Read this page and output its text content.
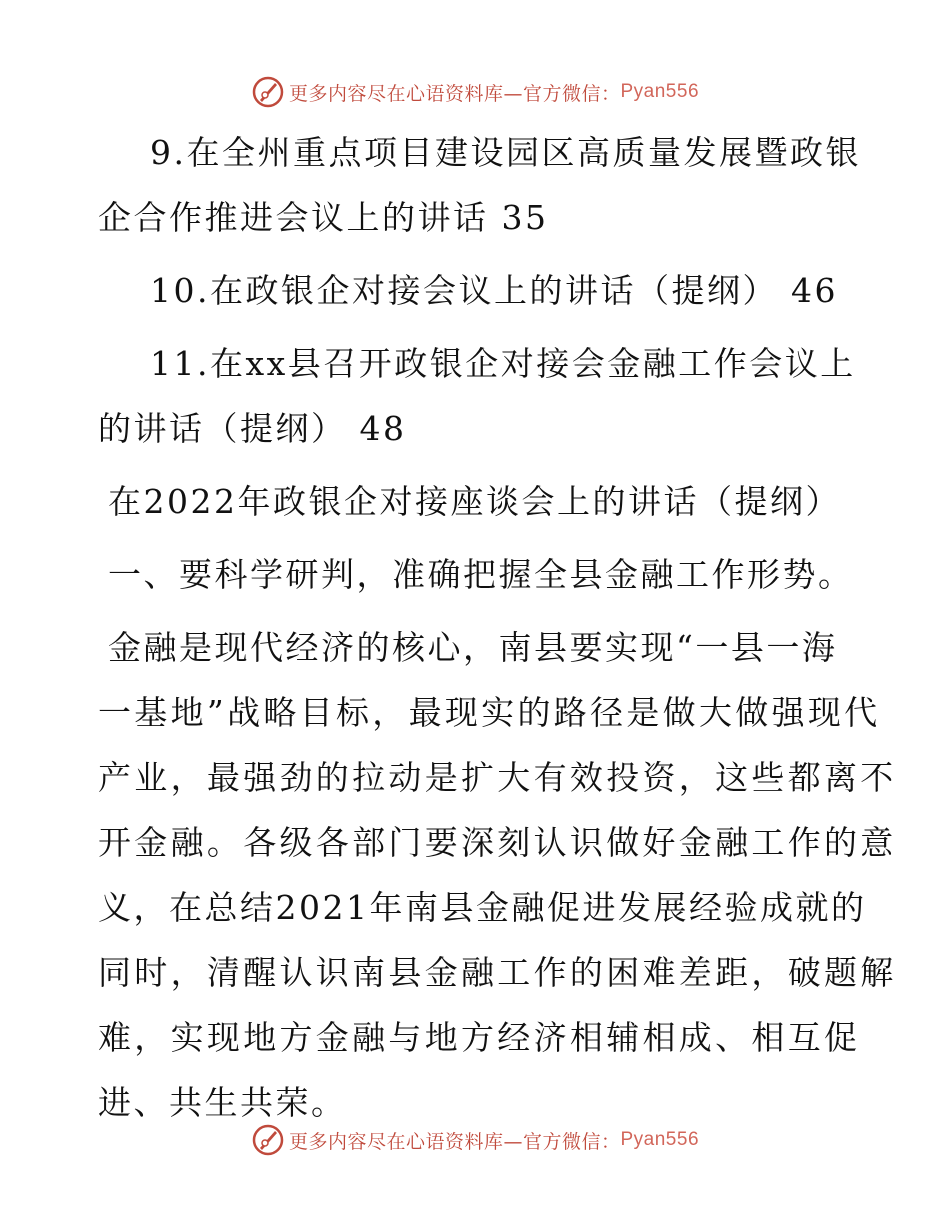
更多内容尽在心语资料库 —官方微信： Pyan556
9.在全州重点项目建设园区高质量发展暨政银
企合作推进会议上的讲话 35
10.在政银企对接会议上的讲话（提纲） 46
11.在xx县召开政银企对接会金融工作会议上
的讲话（提纲） 48
在2022年政银企对接座谈会上的讲话（提纲）
一、要科学研判，准确把握全县金融工作形势。
金融是现代经济的核心，南县要实现“一县一海
一基地”战略目标，最现实的路径是做大做强现代
产业，最强劲的拉动是扩大有效投资，这些都离不
开金融。各级各部门要深刻认识做好金融工作的意
义，在总结2021年南县金融促进发展经验成就的
同时，清醒认识南县金融工作的困难差距，破题解
难，实现地方金融与地方经济相辅相成、相互促
进、共生共荣。
更多内容尽在心语资料库 —官方微信： Pyan556
